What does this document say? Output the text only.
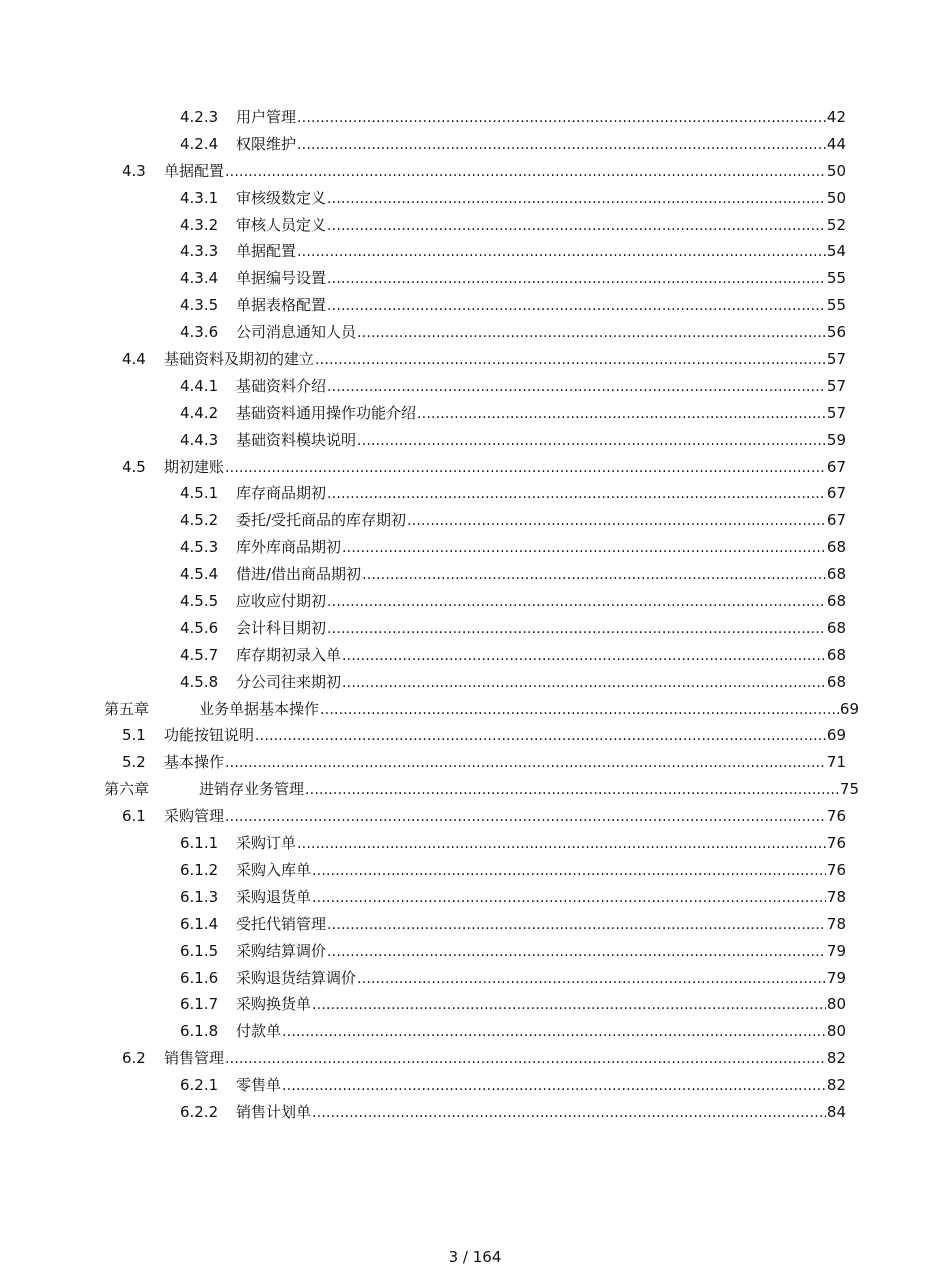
4.2.3 用户管理 .....	42
4.2.4 权限维护 .....	44
4.3 单据配置 .....	50
4.3.1 审核级数定义 .....	50
4.3.2 审核人员定义 .....	52
4.3.3 单据配置 .....	54
4.3.4 单据编号设置 .....	55
4.3.5 单据表格配置 .....	55
4.3.6 公司消息通知人员 .....	56
4.4 基础资料及期初的建立 .....	57
4.4.1 基础资料介绍 .....	57
4.4.2 基础资料通用操作功能介绍 .....	57
4.4.3 基础资料模块说明 .....	59
4.5 期初建账 .....	67
4.5.1 库存商品期初 .....	67
4.5.2 委托/受托商品的库存期初 .....	67
4.5.3 库外库商品期初 .....	68
4.5.4 借进/借出商品期初 .....	68
4.5.5 应收应付期初 .....	68
4.5.6 会计科目期初 .....	68
4.5.7 库存期初录入单 .....	68
4.5.8 分公司往来期初 .....	68
第五章	业务单据基本操作 .....	69
5.1 功能按钮说明 .....	69
5.2 基本操作 .....	71
第六章	进销存业务管理 .....	75
6.1 采购管理 .....	76
6.1.1 采购订单 .....	76
6.1.2 采购入库单 .....	76
6.1.3 采购退货单 .....	78
6.1.4 受托代销管理 .....	78
6.1.5 采购结算调价 .....	79
6.1.6 采购退货结算调价 .....	79
6.1.7 采购换货单 .....	80
6.1.8 付款单 .....	80
6.2 销售管理 .....	82
6.2.1 零售单 .....	82
6.2.2 销售计划单 .....	84
3 / 164
